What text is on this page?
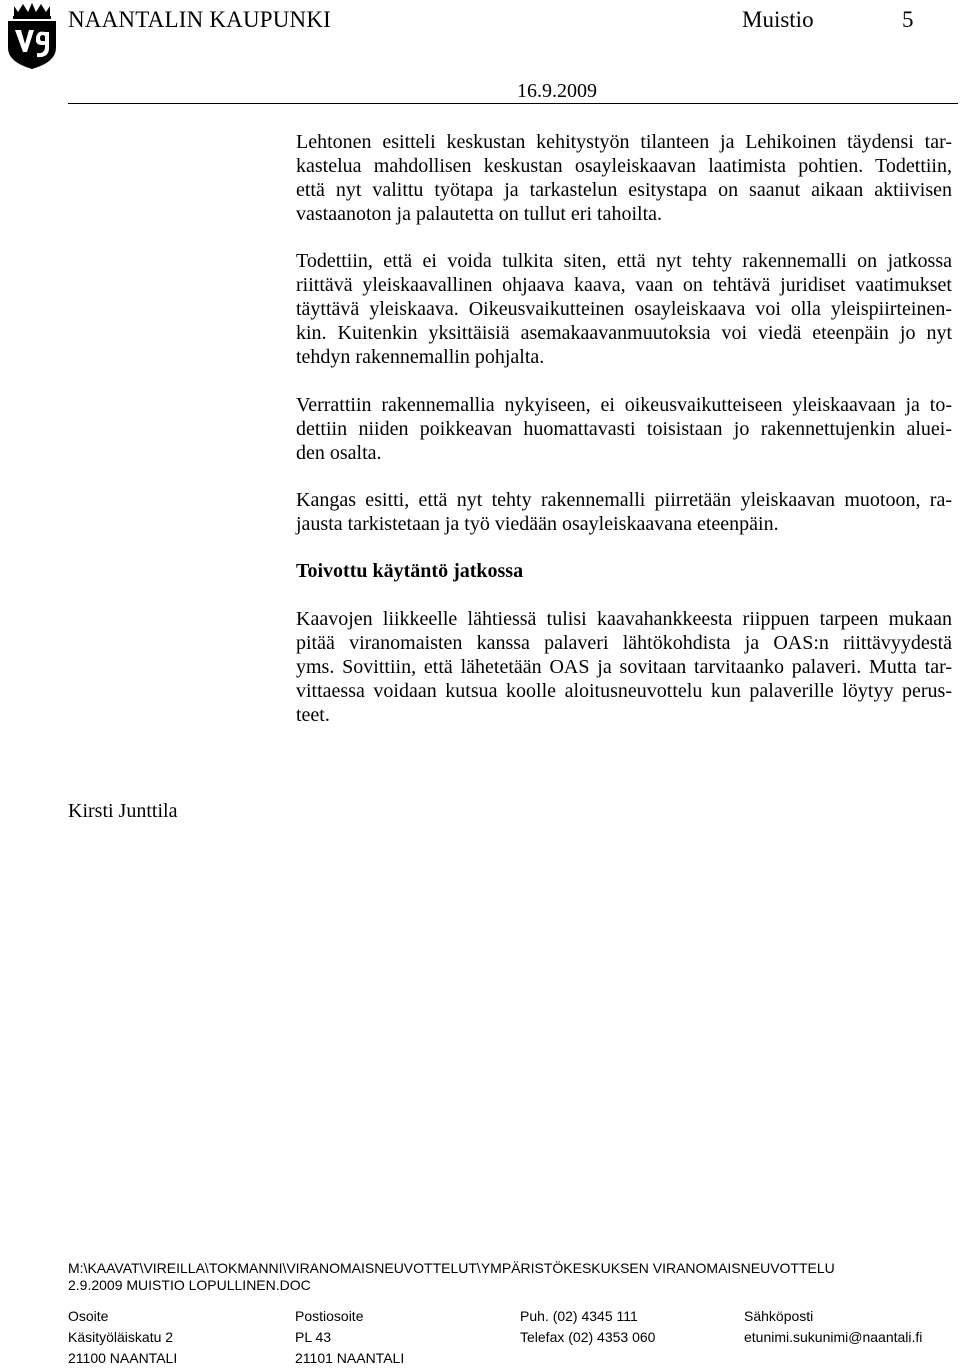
NAANTALIN KAUPUNKI	Muistio	5
16.9.2009
Lehtonen esitteli keskustan kehitystyön tilanteen ja Lehikoinen täydensi tar-
kastelua mahdollisen keskustan osayleiskaavan laatimista pohtien. Todettiin,
että nyt valittu työtapa ja tarkastelun esitystapa on saanut aikaan aktiivisen
vastaanoton ja palautetta on tullut eri tahoilta.
Todettiin, että ei voida tulkita siten, että nyt tehty rakennemalli on jatkossa
riittävä yleiskaavallinen ohjaava kaava, vaan on tehtävä juridiset vaatimukset
täyttävä yleiskaava. Oikeusvaikutteinen osayleiskaava voi olla yleispiirteinen-
kin. Kuitenkin yksittäisiä asemakaavanmuutoksia voi viedä eteenpäin jo nyt
tehdyn rakennemallin pohjalta.
Verrattiin rakennemallia nykyiseen, ei oikeusvaikutteiseen yleiskaavaan ja to-
dettiin niiden poikkeavan huomattavasti toisistaan jo rakennettujenkin aluei-
den osalta.
Kangas esitti, että nyt tehty rakennemalli piirretään yleiskaavan muotoon, ra-
jausta tarkistetaan ja työ viedään osayleiskaavana eteenpäin.
Toivottu käytäntö jatkossa
Kaavojen liikkeelle lähtiessä tulisi kaavahankkeesta riippuen tarpeen mukaan
pitää viranomaisten kanssa palaveri lähtökohdista ja OAS:n riittävyydestä
yms. Sovittiin, että lähetetään OAS ja sovitaan tarvitaanko palaveri. Mutta tar-
vittaessa voidaan kutsua koolle aloitusneuvottelu kun palaverille löytyy perus-
teet.
Kirsti Junttila
M:\KAAVAT\VIREILLA\TOKMANNI\VIRANOMAISNEUVOTTELUT\YMPÄRISTÖKESKUKSEN VIRANOMAISNEUVOTTELU
2.9.2009 MUISTIO LOPULLINEN.DOC
Osoite
Käsityöläiskatu 2
21100 NAANTALI
Postiosoite
PL 43
21101 NAANTALI
Puh. (02) 4345 111
Telefax (02) 4353 060
Sähköposti
etunimi.sukunimi@naantali.fi
